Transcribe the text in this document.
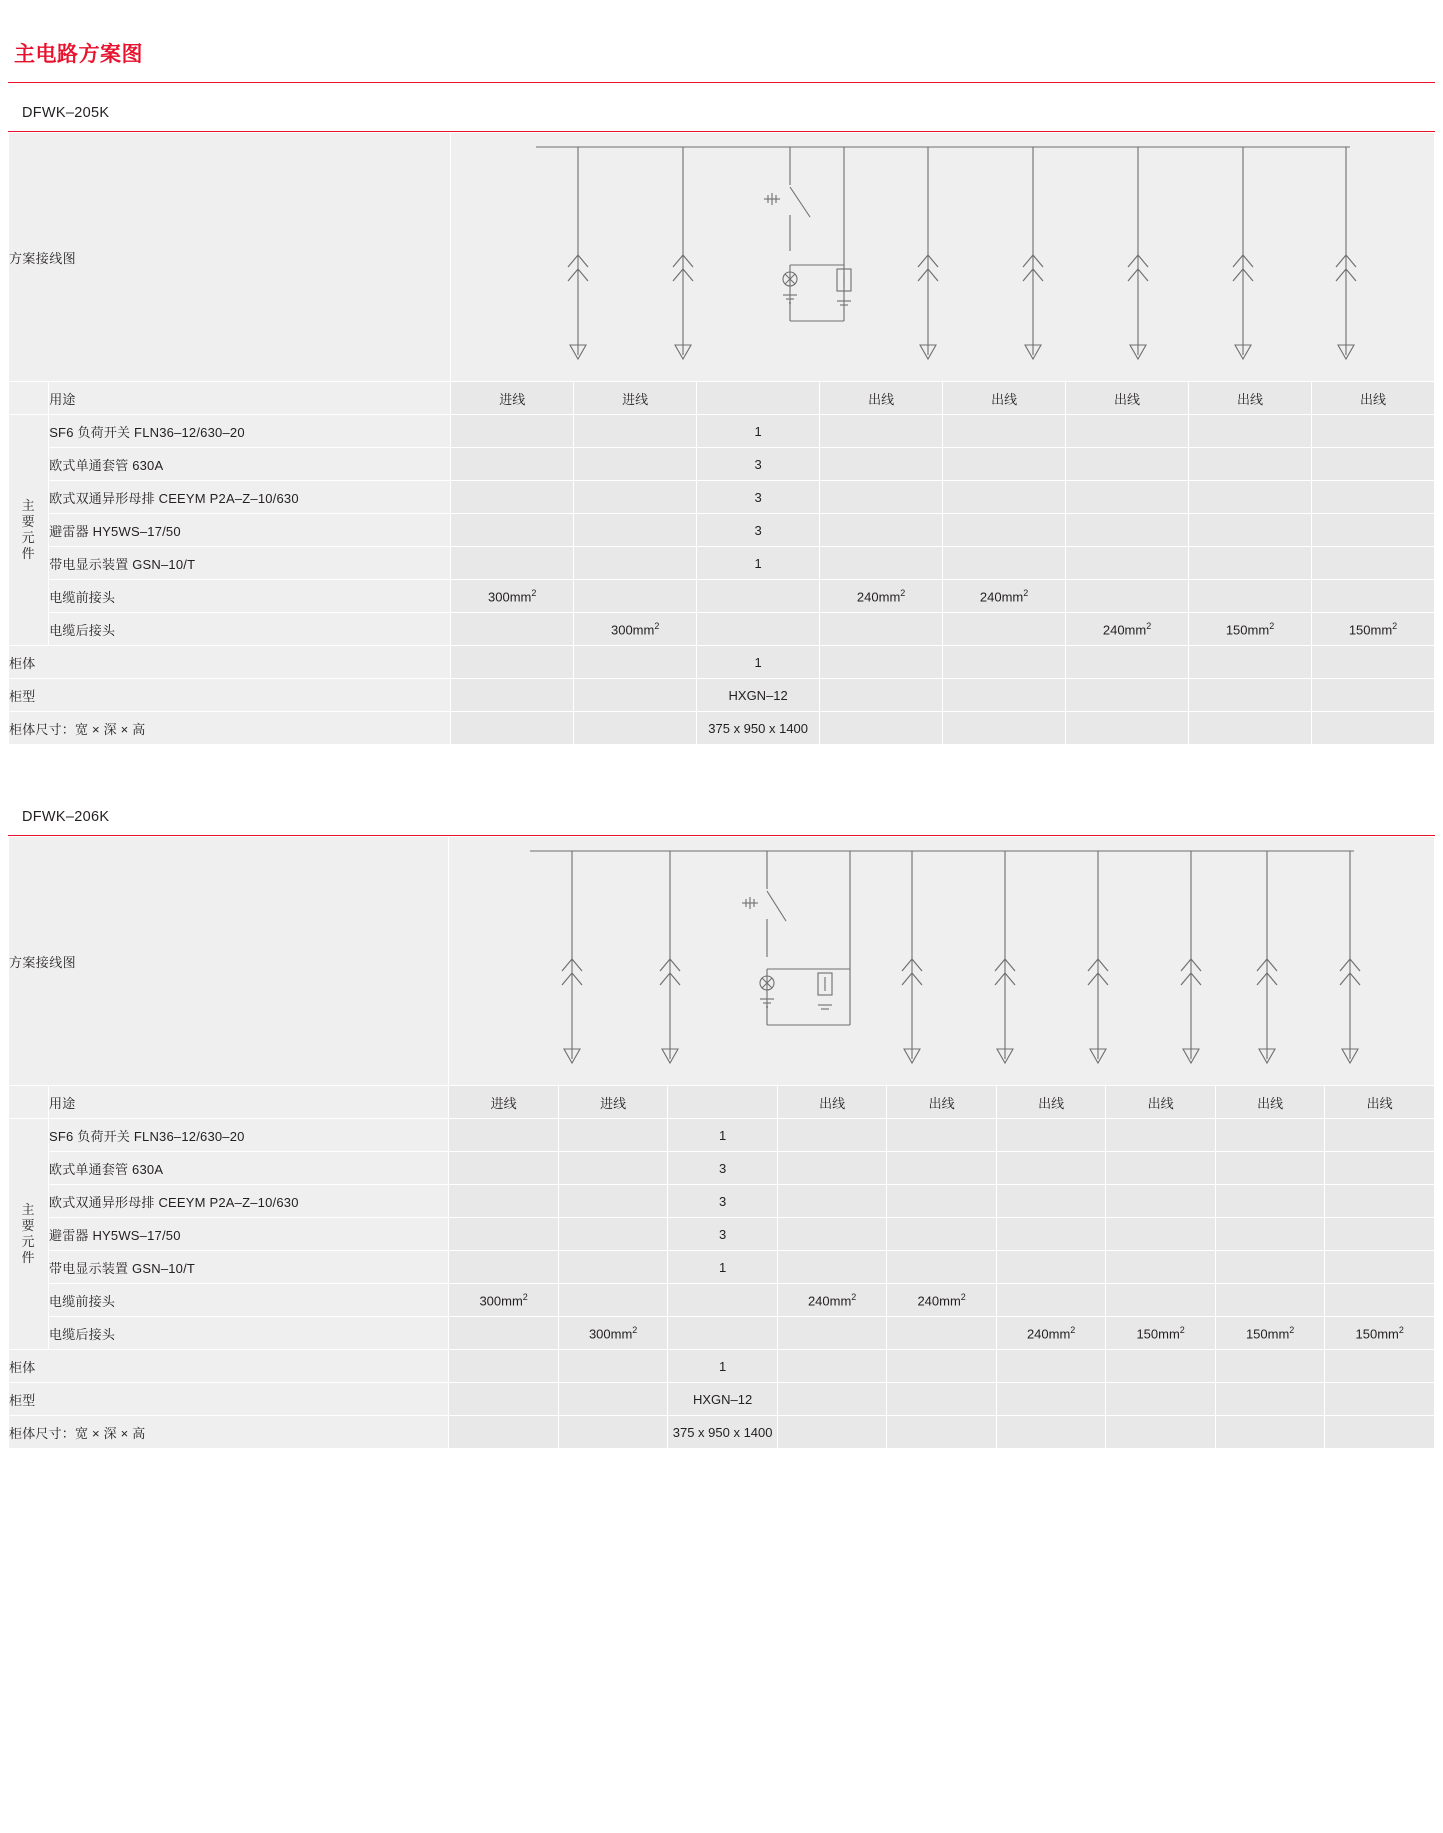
主电路方案图
DFWK–205K
方案接线图	

	用途	进线	进线		出线	出线	出线	出线	出线
主要元件	SF6 负荷开关 FLN36–12/630–20			1					
	欧式单通套管 630A			3					
	欧式双通异形母排 CEEYM P2A–Z–10/630			3					
	避雷器 HY5WS–17/50			3					
	带电显示装置 GSN–10/T			1					
	电缆前接头	$300mm^2$			$240mm^2$	$240mm^2$			
	电缆后接头		$300mm^2$				$240mm^2$	$150mm^2$	$150mm^2$
柜体				1					
柜型				HXGN–12					
柜体尺寸：宽 × 深 × 高				375 x 950 x 1400					
DFWK–206K
方案接线图	

	用途	进线	进线		出线	出线	出线	出线	出线	出线
主要元件	SF6 负荷开关 FLN36–12/630–20			1						
	欧式单通套管 630A			3						
	欧式双通异形母排 CEEYM P2A–Z–10/630			3						
	避雷器 HY5WS–17/50			3						
	带电显示装置 GSN–10/T			1						
	电缆前接头	$300mm^2$			$240mm^2$	$240mm^2$				
	电缆后接头		$300mm^2$				$240mm^2$	$150mm^2$	$150mm^2$	$150mm^2$
柜体				1						
柜型				HXGN–12						
柜体尺寸：宽 × 深 × 高				375 x 950 x 1400						
